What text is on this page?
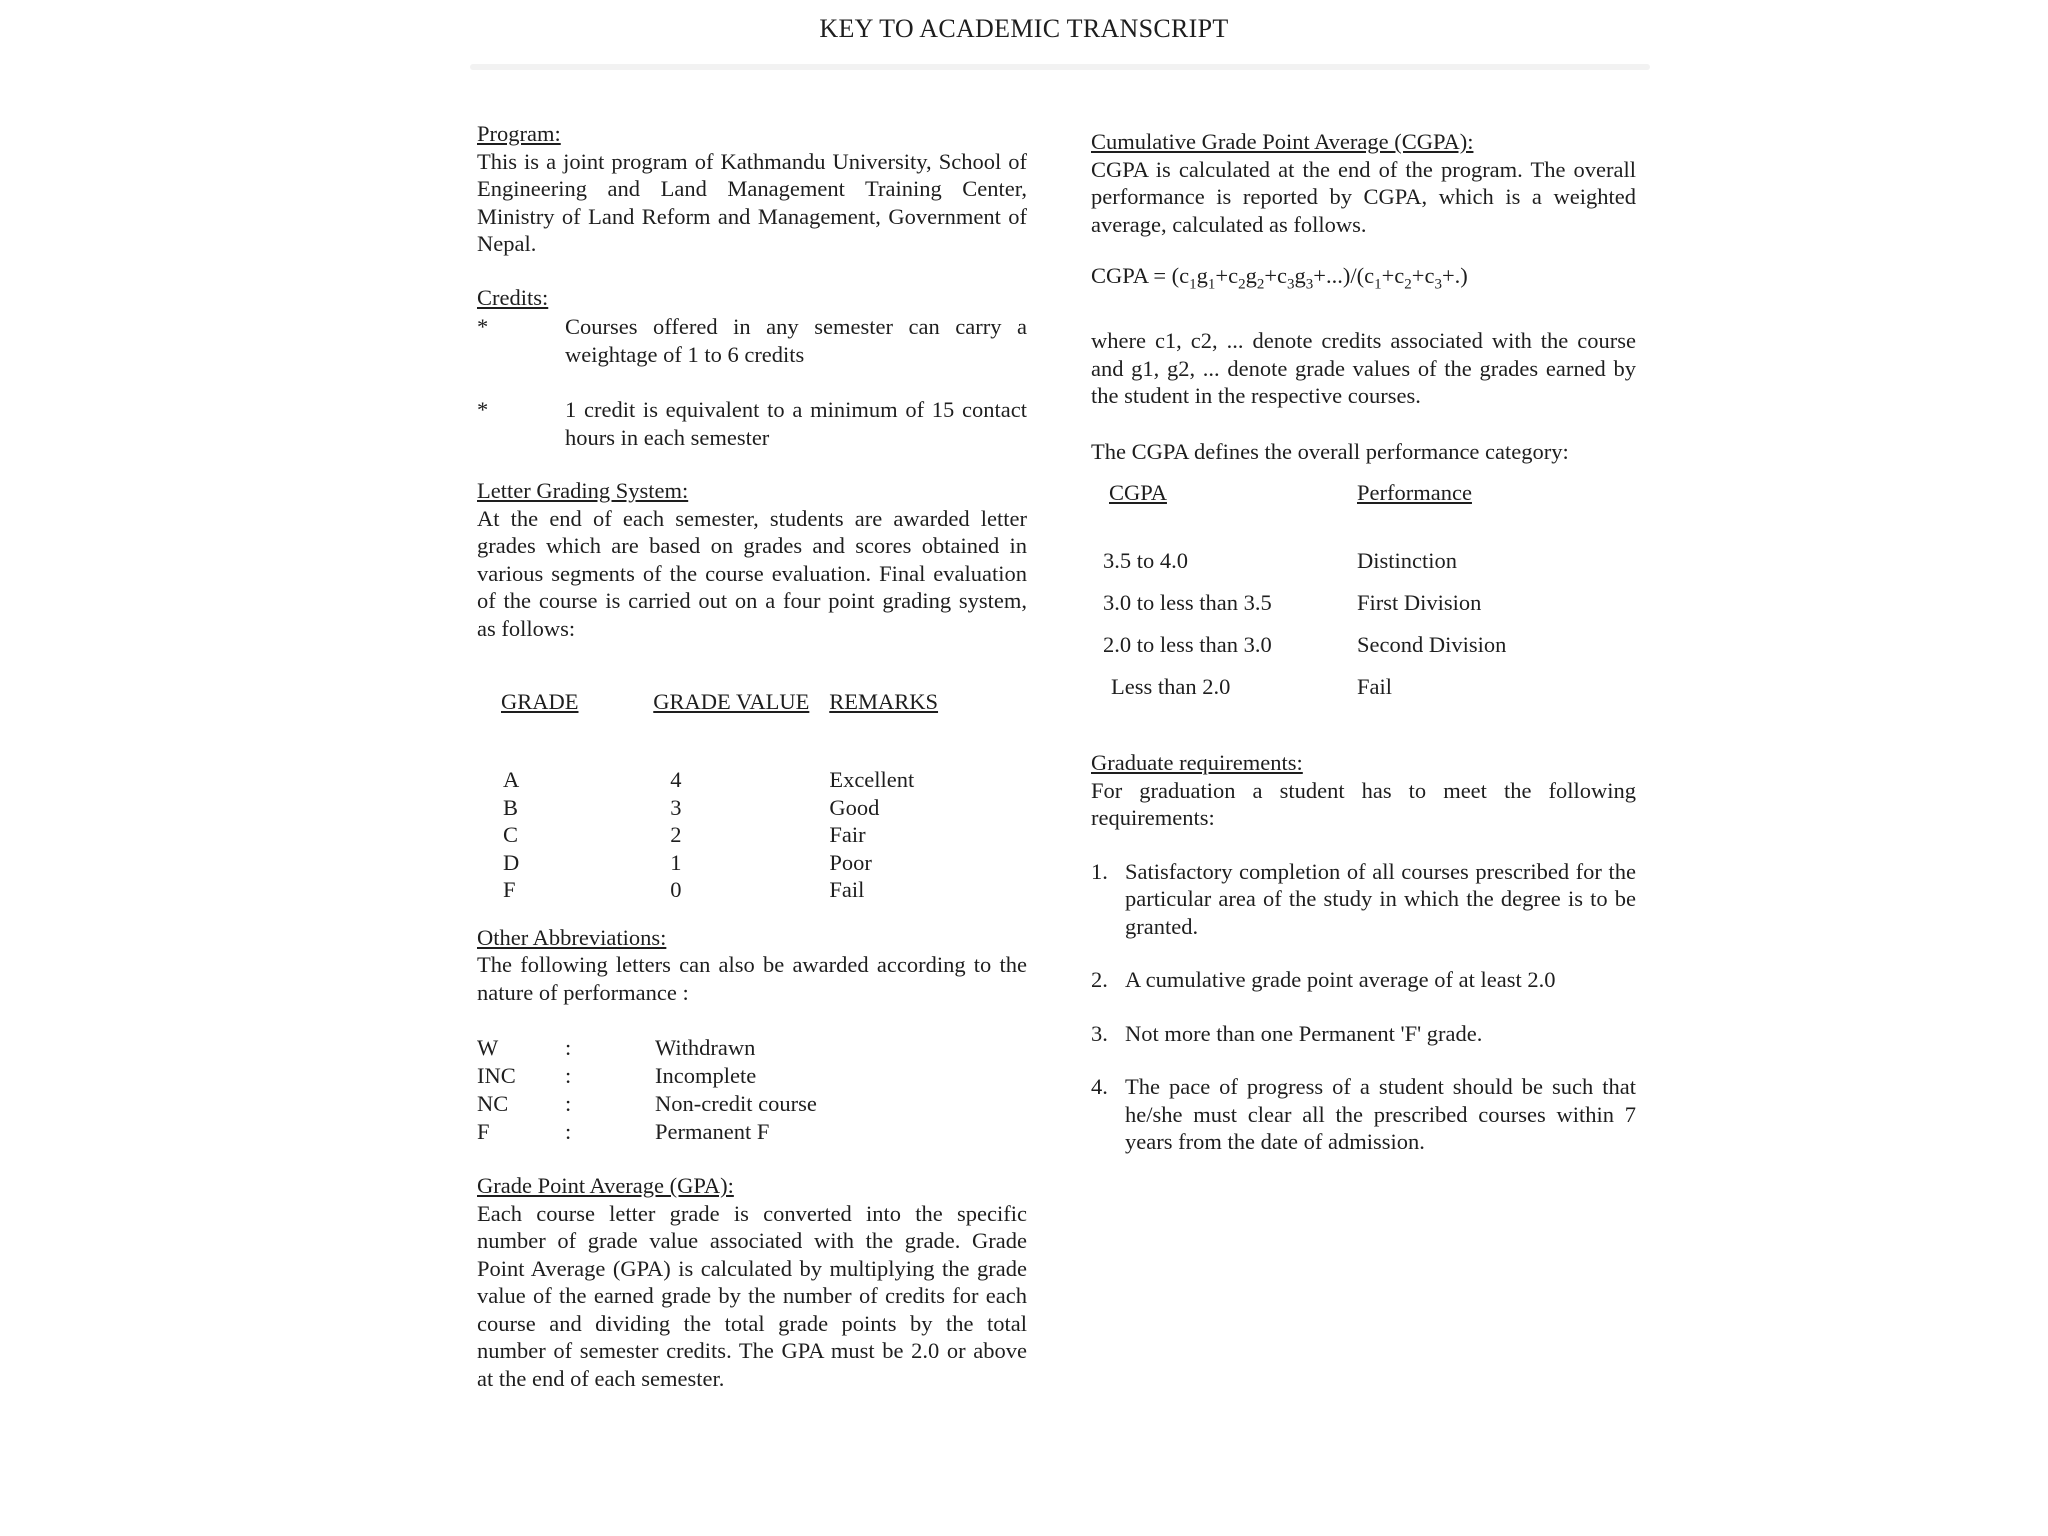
KEY TO ACADEMIC TRANSCRIPT
Program:

This is a joint program of Kathmandu University, School of Engineering and Land Management Training Center, Ministry of Land Reform and Management, Government of Nepal.

Credits:
*	Courses offered in any semester can carry a weightage of 1 to 6 credits
*	1 credit is equivalent to a minimum of 15 contact hours in each semester
Letter Grading System:

At the end of each semester, students are awarded letter grades which are based on grades and scores obtained in various segments of the course evaluation. Final evaluation of the course is carried out on a four point grading system, as follows:

GRADE	GRADE VALUE REMARKS
A	4	Excellent
B	3	Good
C	2	Fair
D	1	Poor
F	0	Fail
Other Abbreviations:

The following letters can also be awarded according to the nature of performance :

W	:	Withdrawn
INC	:	Incomplete
NC	:	Non-credit course
F	:	Permanent F
Grade Point Average (GPA):

Each course letter grade is converted into the specific number of grade value associated with the grade. Grade Point Average (GPA) is calculated by multiplying the grade value of the earned grade by the number of credits for each course and dividing the total grade points by the total number of semester credits. The GPA must be 2.0 or above at the end of each semester.

Cumulative Grade Point Average (CGPA):

CGPA is calculated at the end of the program. The overall performance is reported by CGPA, which is a weighted average, calculated as follows.

CGPA = $(c_1g_1+c_2g_2+c_3g_3+...)/(c_1+c_2+c_3+.)$

where c1, c2, ... denote credits associated with the course and g1, g2, ... denote grade values of the grades earned by the student in the respective courses.

The CGPA defines the overall performance category:

CGPA	Performance
3.5 to 4.0	Distinction
3.0 to less than 3.5	First Division
2.0 to less than 3.0	Second Division
Less than 2.0	Fail
Graduate requirements:

For graduation a student has to meet the following requirements:

1. Satisfactory completion of all courses prescribed for the particular area of the study in which the degree is to be granted.
2. A cumulative grade point average of at least 2.0
3. Not more than one Permanent 'F' grade.
4. The pace of progress of a student should be such that he/she must clear all the prescribed courses within 7 years from the date of admission.
